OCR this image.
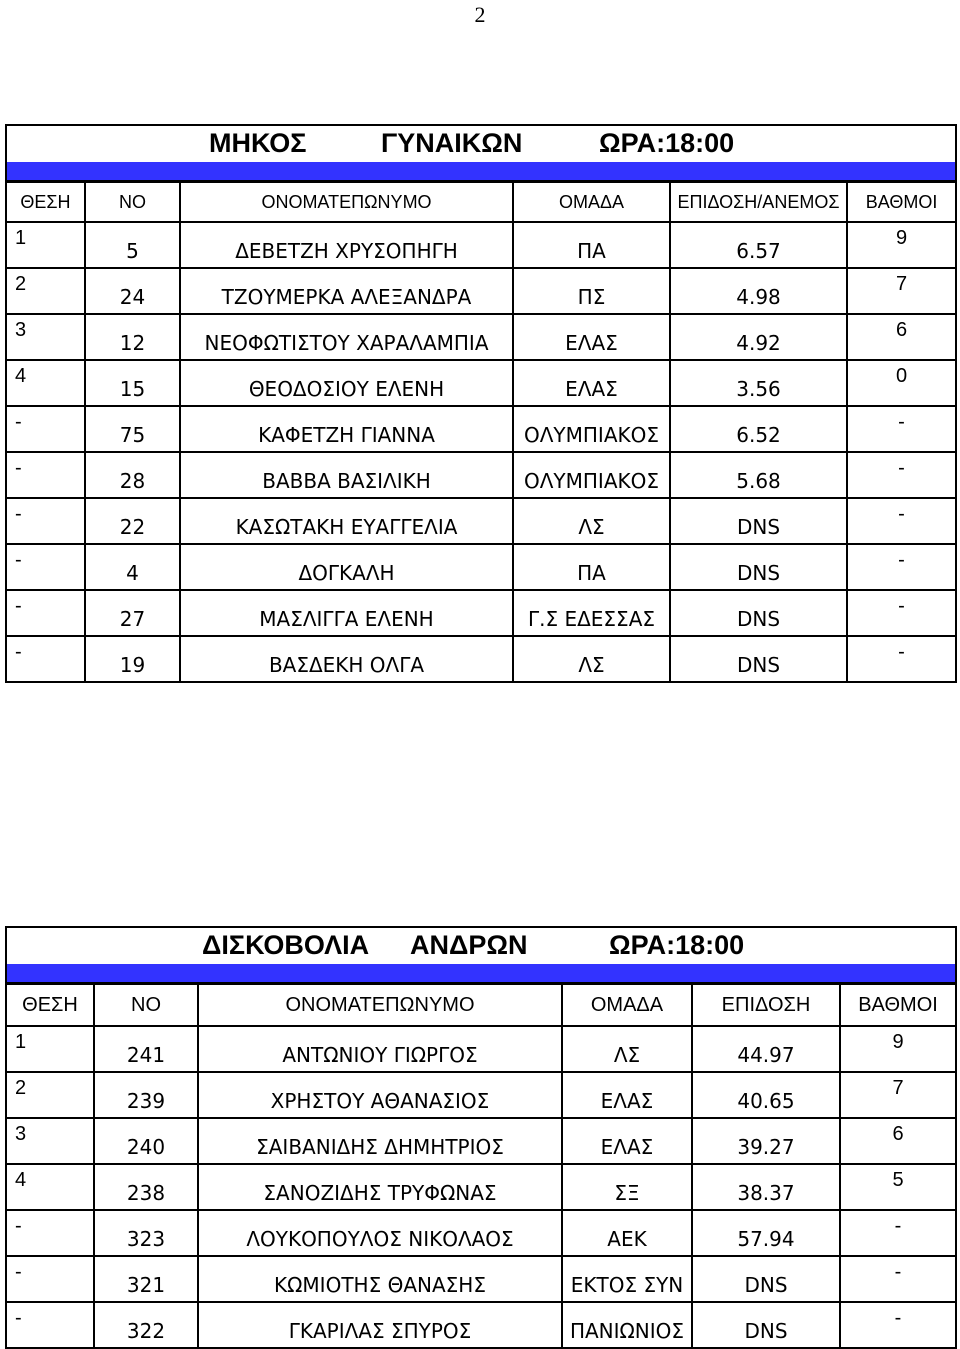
2
ΜΗΚΟΣ ΓΥΝΑΙΚΩΝ ΩΡΑ:18:00					

ΘΕΣΗ	ΝΟ	ΟΝΟΜΑΤΕΠΩΝΥΜΟ	ΟΜΑΔΑ	ΕΠΙΔΟΣΗ/ΑΝΕΜΟΣ	ΒΑΘΜΟΙ
1	5	ΔΕΒΕΤΖΗ ΧΡΥΣΟΠΗΓΗ	ΠΑ	6.57	9
2	24	ΤΖΟΥΜΕΡΚΑ ΑΛΕΞΑΝΔΡΑ	ΠΣ	4.98	7
3	12	ΝΕΟΦΩΤΙΣΤΟΥ ΧΑΡΑΛΑΜΠΙΑ	ΕΛΑΣ	4.92	6
4	15	ΘΕΟΔΟΣΙΟΥ ΕΛΕΝΗ	ΕΛΑΣ	3.56	0
-	75	ΚΑΦΕΤΖΗ ΓΙΑΝΝΑ	ΟΛΥΜΠΙΑΚΟΣ	6.52	-
-	28	ΒΑΒΒΑ ΒΑΣΙΛΙΚΗ	ΟΛΥΜΠΙΑΚΟΣ	5.68	-
-	22	ΚΑΣΩΤΑΚΗ ΕΥΑΓΓΕΛΙΑ	ΛΣ	DNS	-
-	4	ΔΟΓΚΑΛΗ	ΠΑ	DNS	-
-	27	ΜΑΣΛΙΓΓΑ ΕΛΕΝΗ	Γ.Σ ΕΔΕΣΣΑΣ	DNS	-
-	19	ΒΑΣΔΕΚΗ ΟΛΓΑ	ΛΣ	DNS	-
ΔΙΣΚΟΒΟΛΙΑ ΑΝΔΡΩΝ ΩΡΑ:18:00					

ΘΕΣΗ	ΝΟ	ΟΝΟΜΑΤΕΠΩΝΥΜΟ	ΟΜΑΔΑ	ΕΠΙΔΟΣΗ	ΒΑΘΜΟΙ
1	241	ΑΝΤΩΝΙΟΥ ΓΙΩΡΓΟΣ	ΛΣ	44.97	9
2	239	ΧΡΗΣΤΟΥ ΑΘΑΝΑΣΙΟΣ	ΕΛΑΣ	40.65	7
3	240	ΣΑΙΒΑΝΙΔΗΣ ΔΗΜΗΤΡΙΟΣ	ΕΛΑΣ	39.27	6
4	238	ΣΑΝΟΖΙΔΗΣ ΤΡΥΦΩΝΑΣ	ΣΞ	38.37	5
-	323	ΛΟΥΚΟΠΟΥΛΟΣ ΝΙΚΟΛΑΟΣ	ΑΕΚ	57.94	-
-	321	ΚΩΜΙΟΤΗΣ ΘΑΝΑΣΗΣ	ΕΚΤΟΣ ΣΥΝ	DNS	-
-	322	ΓΚΑΡΙΛΑΣ ΣΠΥΡΟΣ	ΠΑΝΙΩΝΙΟΣ	DNS	-
